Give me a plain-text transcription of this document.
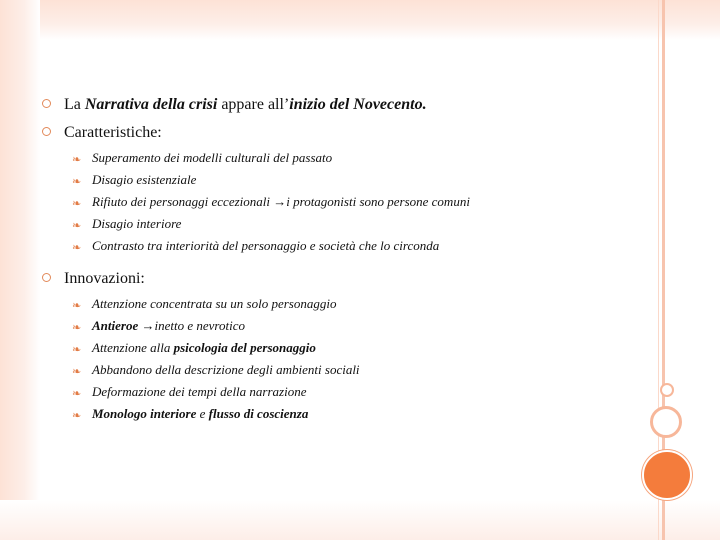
La Narrativa della crisi appare all’inizio del Novecento.
Caratteristiche:
❧ Superamento dei modelli culturali del passato
❧ Disagio esistenziale
❧ Rifiuto dei personaggi eccezionali →i protagonisti sono persone comuni
❧ Disagio interiore
❧ Contrasto tra interiorità del personaggio e società che lo circonda
Innovazioni:
❧ Attenzione concentrata su un solo personaggio
❧ Antieroe →inetto e nevrotico
❧ Attenzione alla psicologia del personaggio
❧ Abbandono della descrizione degli ambienti sociali
❧ Deformazione dei tempi della narrazione
❧ Monologo interiore e flusso di coscienza
